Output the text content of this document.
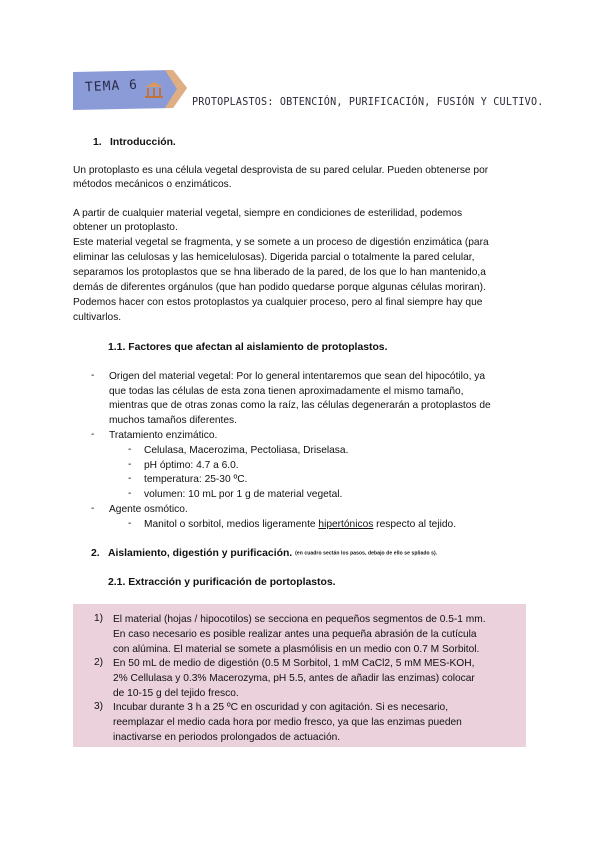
TEMA 6
PROTOPLASTOS: OBTENCIÓN, PURIFICACIÓN, FUSIÓN Y CULTIVO.
1. Introducción.
Un protoplasto es una célula vegetal desprovista de su pared celular. Pueden obtenerse por
métodos mecánicos o enzimáticos.
A partir de cualquier material vegetal, siempre en condiciones de esterilidad, podemos
obtener un protoplasto.
Este material vegetal se fragmenta, y se somete a un proceso de digestión enzimática (para
eliminar las celulosas y las hemicelulosas). Digerida parcial o totalmente la pared celular,
separamos los protoplastos que se hna liberado de la pared, de los que lo han mantenido,a
demás de diferentes orgánulos (que han podido quedarse porque algunas células moriran).
Podemos hacer con estos protoplastos ya cualquier proceso, pero al final siempre hay que
cultivarlos.
1.1. Factores que afectan al aislamiento de protoplastos.
- Origen del material vegetal: Por lo general intentaremos que sean del hipocótilo, ya
que todas las células de esta zona tienen aproximadamente el mismo tamaño,
mientras que de otras zonas como la raíz, las células degenerarán a protoplastos de
muchos tamaños diferentes.
- Tratamiento enzimático.
- Celulasa, Macerozima, Pectoliasa, Driselasa.
- pH óptimo: 4.7 a 6.0.
- temperatura: 25-30 ºC.
- volumen: 10 mL por 1 g de material vegetal.
- Agente osmótico.
- Manitol o sorbitol, medios ligeramente hipertónicos respecto al tejido.
2. Aislamiento, digestión y purificación. (en cuadro sectán los pasos, debajo de ello se spliado s).
2.1. Extracción y purificación de portoplastos.
1) El material (hojas / hipocotilos) se secciona en pequeños segmentos de 0.5-1 mm.
En caso necesario es posible realizar antes una pequeña abrasión de la cutícula
con alúmina. El material se somete a plasmólisis en un medio con 0.7 M Sorbitol.
2) En 50 mL de medio de digestión (0.5 M Sorbitol, 1 mM CaCl2, 5 mM MES-KOH,
2% Cellulasa y 0.3% Macerozyma, pH 5.5, antes de añadir las enzimas) colocar
de 10-15 g del tejido fresco.
3) Incubar durante 3 h a 25 ºC en oscuridad y con agitación. Si es necesario,
reemplazar el medio cada hora por medio fresco, ya que las enzimas pueden
inactivarse en periodos prolongados de actuación.
